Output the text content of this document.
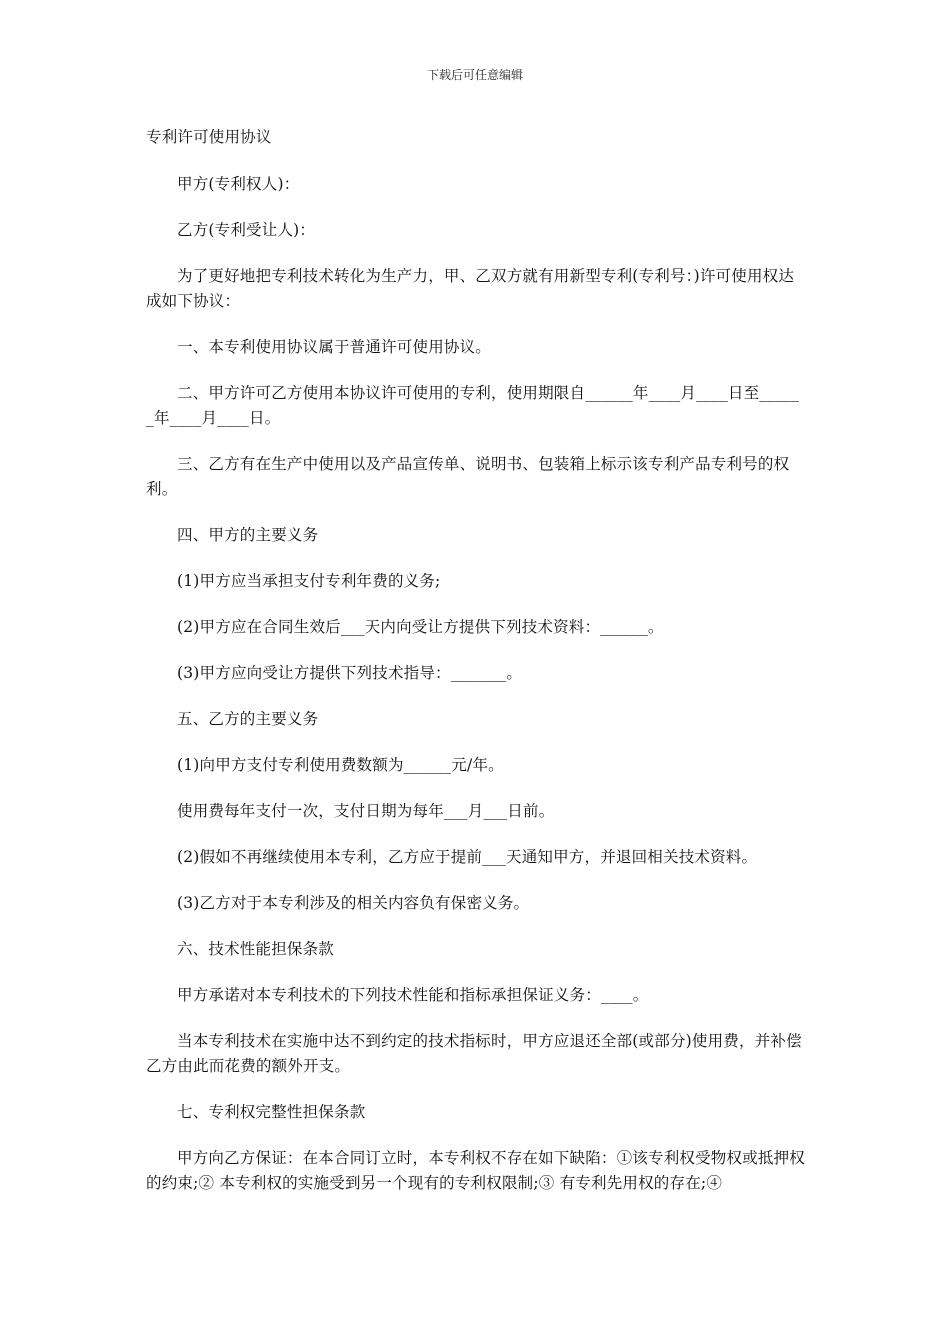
下载后可任意编辑

专利许可使用协议

甲方(专利权人)：

乙方(专利受让人)：

为了更好地把专利技术转化为生产力，甲、乙双方就有用新型专利(专利号：)许可使用权达成如下协议：

一、本专利使用协议属于普通许可使用协议。

二、甲方许可乙方使用本协议许可使用的专利，使用期限自______年____月____日至______年____月____日。

三、乙方有在生产中使用以及产品宣传单、说明书、包装箱上标示该专利产品专利号的权利。

四、甲方的主要义务

(1)甲方应当承担支付专利年费的义务;

(2)甲方应在合同生效后___天内向受让方提供下列技术资料：______。

(3)甲方应向受让方提供下列技术指导：_______。

五、乙方的主要义务

(1)向甲方支付专利使用费数额为______元/年。

使用费每年支付一次，支付日期为每年___月___日前。

(2)假如不再继续使用本专利，乙方应于提前___天通知甲方，并退回相关技术资料。

(3)乙方对于本专利涉及的相关内容负有保密义务。

六、技术性能担保条款

甲方承诺对本专利技术的下列技术性能和指标承担保证义务：____。

当本专利技术在实施中达不到约定的技术指标时，甲方应退还全部(或部分)使用费，并补偿乙方由此而花费的额外开支。

七、专利权完整性担保条款

甲方向乙方保证：在本合同订立时，本专利权不存在如下缺陷：①该专利权受物权或抵押权的约束;② 本专利权的实施受到另一个现有的专利权限制;③ 有专利先用权的存在;④
